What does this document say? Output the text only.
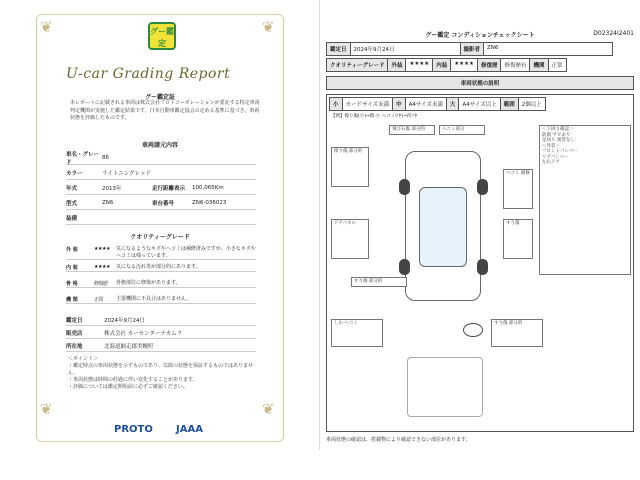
❦	❦
❦	❦
グー鑑定
U-car Grading Report
グー鑑定証
本レポートに記載される車両は株式会社プロトコーポレーションが委託する特定車両判定機関が実施した鑑定結果です。日本自動車鑑定協会の定める基準に基づき、車両状態を評価したものです。
車両請元内容
車名・グレード
86
カラー	ライトニングレッド
年式	2013年	走行距離表示	100,065Km
型式	ZN6	車台番号	ZN6-036023
装備
クオリティーグレード
外 装	★★★★	気になるようなキズやヘコミは補修済みですが、小さなキズやヘコミは残っています。
内 装	★★★★	気になる汚れ等が部分的にあります。
骨 格	修復歴	骨格部位に修復があります。
機 関	正常	主要機関に不具合はありません。
鑑定日	2024年9月24日
販売店	株式会社 カーセンターナカムラ
所在地	北海道網走郡美幌町
＜ポイント＞
・鑑定時点の車両状態を示すものであり、以降の状態を保証するものではありません。
・車両状態は時間の経過に伴い変化することがあります。
・評価については鑑定開始前に必ずご確認ください。
PROTO JAAA
グー鑑定 コンディションチェックシート	D02324I2401
鑑定日	2024年9月24日	撮影者	ZN6
クオリティーグレード	外装	★★★★	内装	★★★★	修復歴	修復歴有	機関	正常
車両状態の説明
小	カードサイズ未満	中	A4サイズ未満	大	A4サイズ以上	範囲	2個以上
【例】擦り傷(小)→擦:小 ヘコミ(中)→凹:中
飛び石傷 部分的	ヘコミ部分
擦り傷 部分的
ドアパネル
ヘコミ 補修
すり傷
すり傷 部分的
しわ ヘコミ	すり傷 部分的
＜下回り確認＞
防錆 サビあり
足回り 異常なし
＜外装＞
フロントバンパー
リアバンパー
左右ドア
車両状態の確認は、搭載物により確認できない部位があります。
